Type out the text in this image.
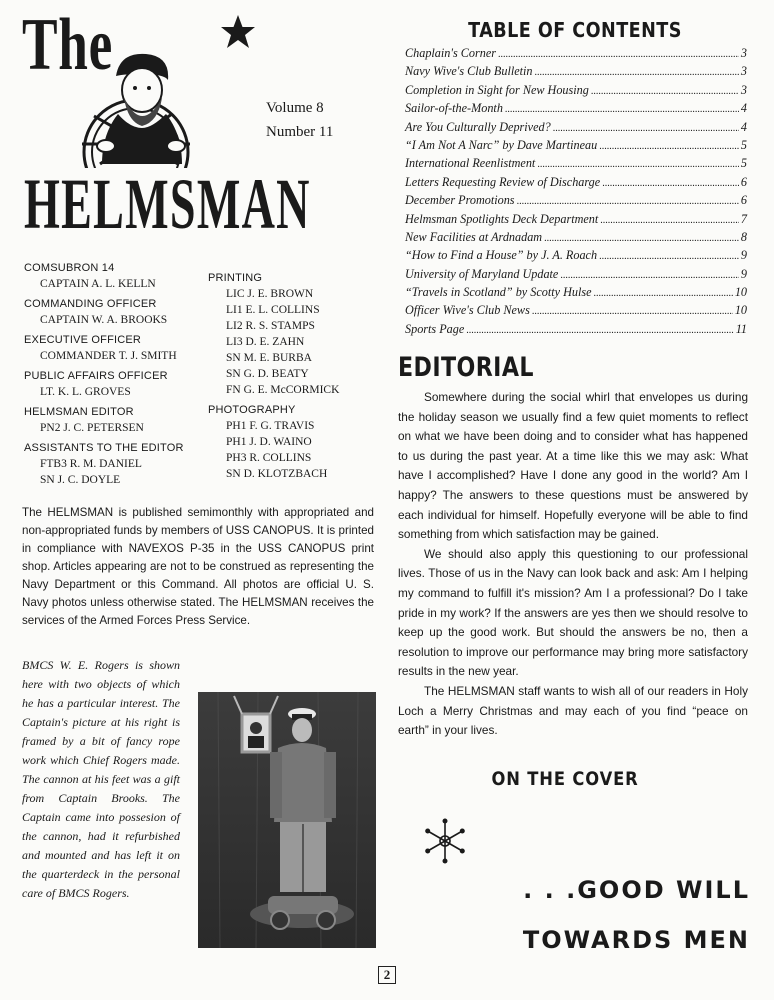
The
HELMSMAN
Volume 8
Number 11
COMSUBRON 14
CAPTAIN A. L. KELLN
COMMANDING OFFICER
CAPTAIN W. A. BROOKS
EXECUTIVE OFFICER
COMMANDER T. J. SMITH
PUBLIC AFFAIRS OFFICER
LT. K. L. GROVES
HELMSMAN EDITOR
PN2 J. C. PETERSEN
ASSISTANTS TO THE EDITOR
FTB3 R. M. DANIEL
SN J. C. DOYLE
PRINTING
LIC J. E. BROWN
LI1 E. L. COLLINS
LI2 R. S. STAMPS
LI3 D. E. ZAHN
SN M. E. BURBA
SN G. D. BEATY
FN G. E. McCORMICK
PHOTOGRAPHY
PH1 F. G. TRAVIS
PH1 J. D. WAINO
PH3 R. COLLINS
SN D. KLOTZBACH
The HELMSMAN is published semimonthly with appropriated and non-appropriated funds by members of USS CANOPUS. It is printed in compliance with NAVEXOS P-35 in the USS CANOPUS print shop. Articles appearing are not to be construed as representing the Navy Department or this Command. All photos are official U. S. Navy photos unless otherwise stated. The HELMSMAN receives the services of the Armed Forces Press Service.
BMCS W. E. Rogers is shown here with two objects of which he has a particular interest. The Captain's picture at his right is framed by a bit of fancy rope work which Chief Rogers made. The cannon at his feet was a gift from Captain Brooks. The Captain came into possesion of the cannon, had it refurbished and mounted and has left it on the quarterdeck in the personal care of BMCS Rogers.
TABLE OF CONTENTS
Chaplain's Corner .....	3
Navy Wive's Club Bulletin .....	3
Completion in Sight for New Housing .....	3
Sailor-of-the-Month .....	4
Are You Culturally Deprived? .....	4
“I Am Not A Narc” by Dave Martineau .....	5
International Reenlistment .....	5
Letters Requesting Review of Discharge .....	6
December Promotions .....	6
Helmsman Spotlights Deck Department .....	7
New Facilities at Ardnadam .....	8
“How to Find a House” by J. A. Roach .....	9
University of Maryland Update .....	9
“Travels in Scotland” by Scotty Hulse .....	10
Officer Wive's Club News .....	10
Sports Page .....	11
EDITORIAL

Somewhere during the social whirl that envelopes us during the holiday season we usually find a few quiet moments to reflect on what we have been doing and to consider what has happened to us during the past year. At a time like this we may ask: What have I accomplished? Have I done any good in the world? Am I happy? The answers to these questions must be answered by each individual for himself. Hopefully everyone will be able to find something from which satisfaction may be gained.

We should also apply this questioning to our professional lives. Those of us in the Navy can look back and ask: Am I helping my command to fulfill it's mission? Am I a professional? Do I take pride in my work? If the answers are yes then we should resolve to keep up the good work. But should the answers be no, then a resolution to improve our performance may bring more satisfactory results in the new year.

The HELMSMAN staff wants to wish all of our readers in Holy Loch a Merry Christmas and may each of you find “peace on earth” in your lives.

ON THE COVER
. . .GOOD WILL
TOWARDS MEN
2
